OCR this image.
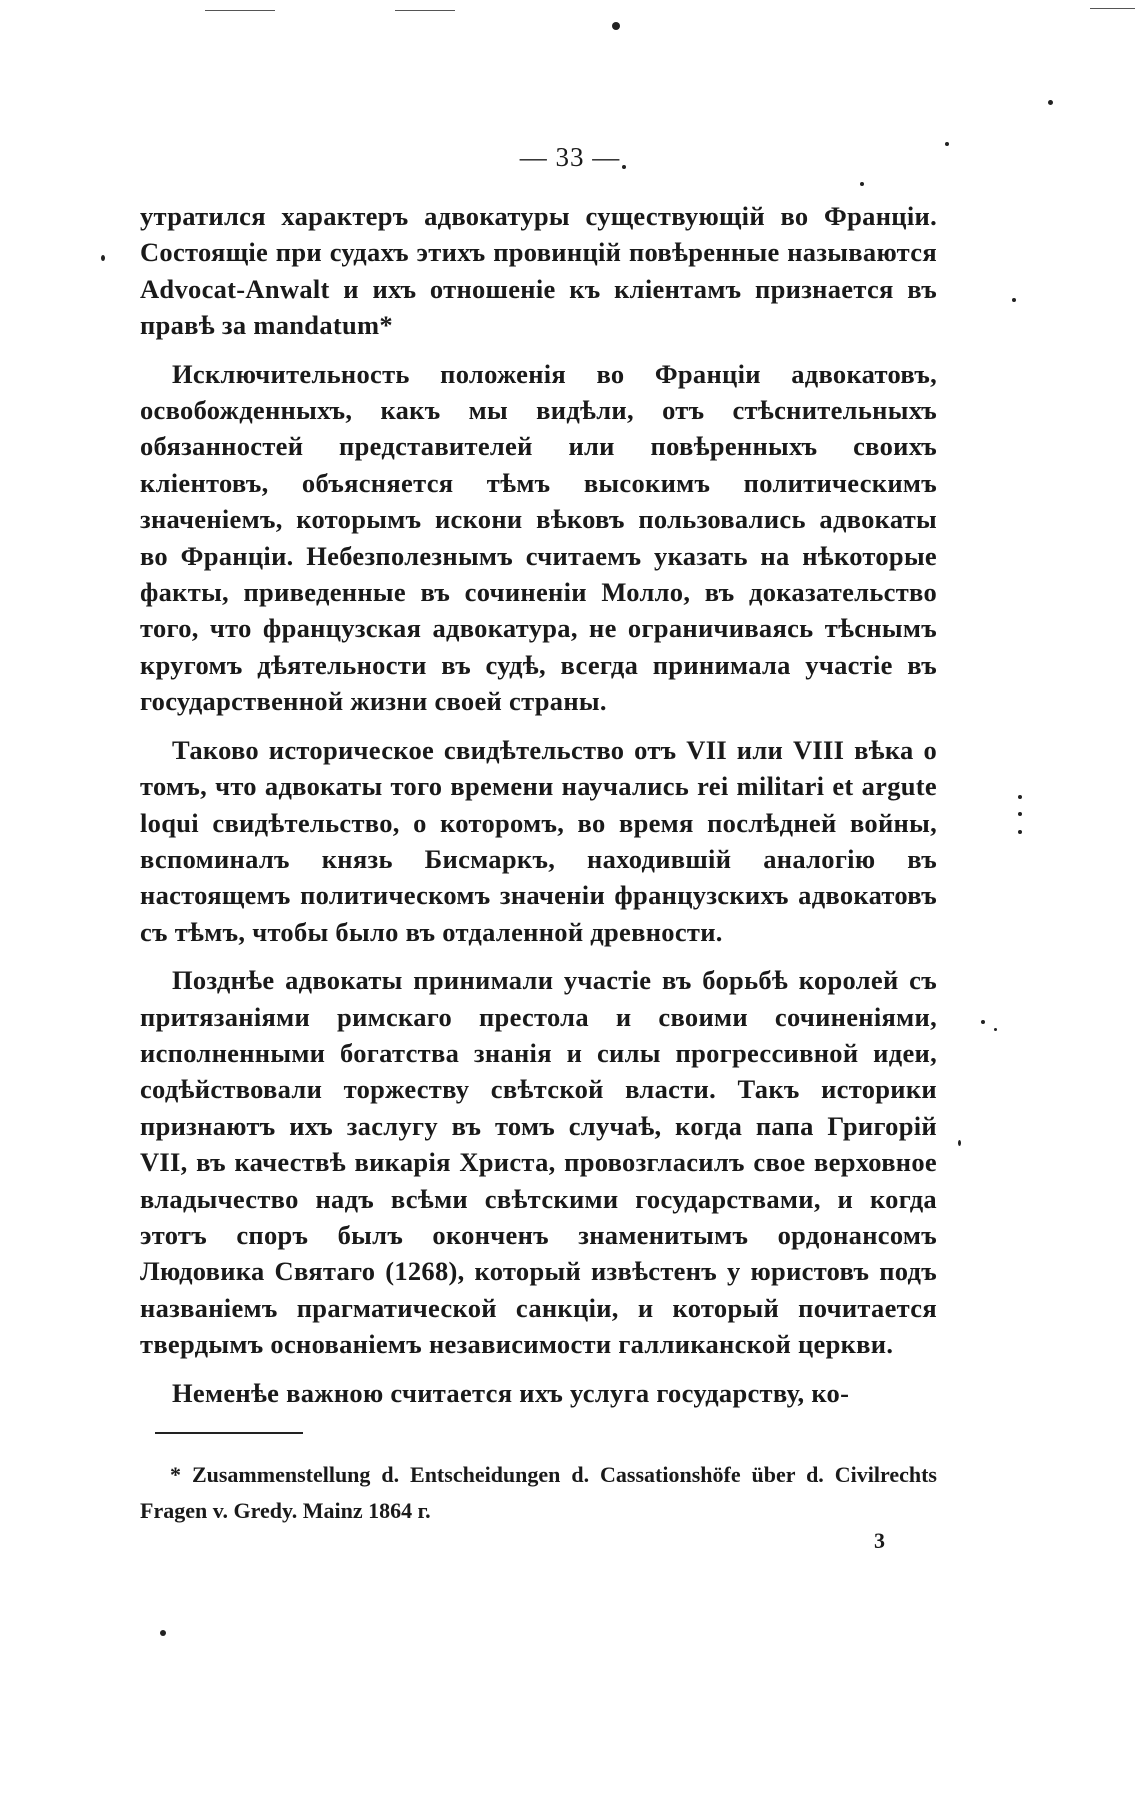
— 33 —

утратился характеръ адвокатуры существующій во Франціи. Состоящіе при судахъ этихъ провинцій повѣренные называются Advocat-Anwalt и ихъ отношеніе къ кліентамъ признается въ правѣ за mandatum*

Исключительность положенія во Франціи адвокатовъ, освобожденныхъ, какъ мы видѣли, отъ стѣснительныхъ обязанностей представителей или повѣренныхъ своихъ кліентовъ, объясняется тѣмъ высокимъ политическимъ значеніемъ, которымъ искони вѣковъ пользовались адвокаты во Франціи. Небезполезнымъ считаемъ указать на нѣкоторые факты, приведенные въ сочиненіи Молло, въ доказательство того, что французская адвокатура, не ограничиваясь тѣснымъ кругомъ дѣятельности въ судѣ, всегда принимала участіе въ государственной жизни своей страны.

Таково историческое свидѣтельство отъ VII или VIII вѣка о томъ, что адвокаты того времени научались rei militari et argute loqui свидѣтельство, о которомъ, во время послѣдней войны, вспоминалъ князь Бисмаркъ, находившій аналогію въ настоящемъ политическомъ значеніи французскихъ адвокатовъ съ тѣмъ, чтобы было въ отдаленной древности.

Позднѣе адвокаты принимали участіе въ борьбѣ королей съ притязаніями римскаго престола и своими сочиненіями, исполненными богатства знанія и силы прогрессивной идеи, содѣйствовали торжеству свѣтской власти. Такъ историки признаютъ ихъ заслугу въ томъ случаѣ, когда папа Григорій VII, въ качествѣ викарія Христа, провозгласилъ свое верховное владычество надъ всѣми свѣтскими государствами, и когда этотъ споръ былъ оконченъ знаменитымъ ордонансомъ Людовика Святаго (1268), который извѣстенъ у юристовъ подъ названіемъ прагматической санкціи, и который почитается твердымъ основаніемъ независимости галликанской церкви.

Неменѣе важною считается ихъ услуга государству, ко-

* Zusammenstellung d. Entscheidungen d. Cassationshöfe über d. Civilrechts Fragen v. Gredy. Mainz 1864 г.
3
